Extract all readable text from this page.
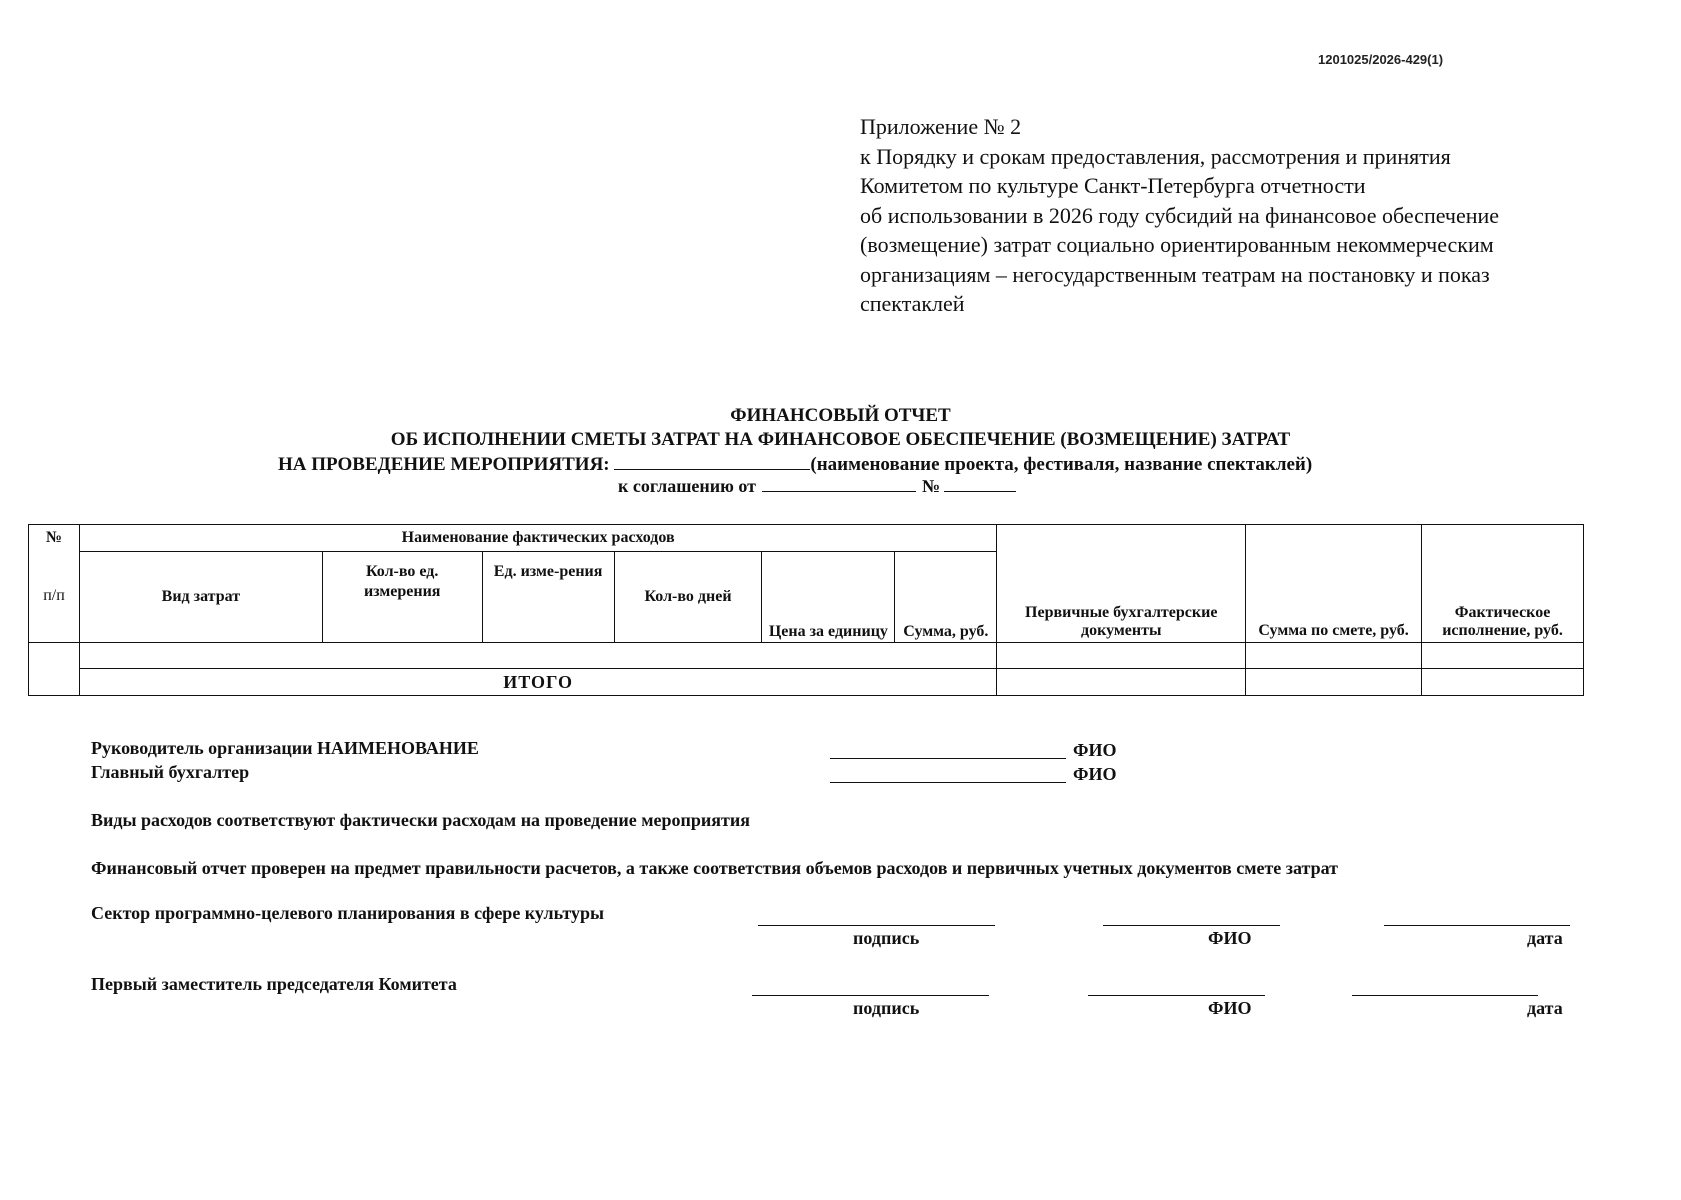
1201025/2026-429(1)
Приложение № 2
к Порядку и срокам предоставления, рассмотрения и принятия
Комитетом по культуре Санкт-Петербурга отчетности
об использовании в 2026 году субсидий на финансовое обеспечение
(возмещение) затрат социально ориентированным некоммерческим
организациям – негосударственным театрам на постановку и показ
спектаклей
ФИНАНСОВЫЙ ОТЧЕТ
ОБ ИСПОЛНЕНИИ СМЕТЫ ЗАТРАТ НА ФИНАНСОВОЕ ОБЕСПЕЧЕНИЕ (ВОЗМЕЩЕНИЕ) ЗАТРАТ
НА ПРОВЕДЕНИЕ МЕРОПРИЯТИЯ:	(наименование проекта, фестиваля, название спектаклей)
к соглашению от	№
№
п/п	Наименование фактических расходов						Первичные бухгалтерские документы	Сумма по смете, руб.	Фактическое исполнение, руб.
	Вид затрат	Кол-во ед. измерения	Ед. изме-рения	Кол-во дней	Цена за единицу	Сумма, руб.			

	ИТОГО								
Руководитель организации НАИМЕНОВАНИЕ	ФИО
Главный бухгалтер	ФИО
Виды расходов соответствуют фактически расходам на проведение мероприятия
Финансовый отчет проверен на предмет правильности расчетов, а также соответствия объемов расходов и первичных учетных документов смете затрат
Сектор программно-целевого планирования в сфере культуры
подпись	ФИО	дата
Первый заместитель председателя Комитета
подпись	ФИО	дата
